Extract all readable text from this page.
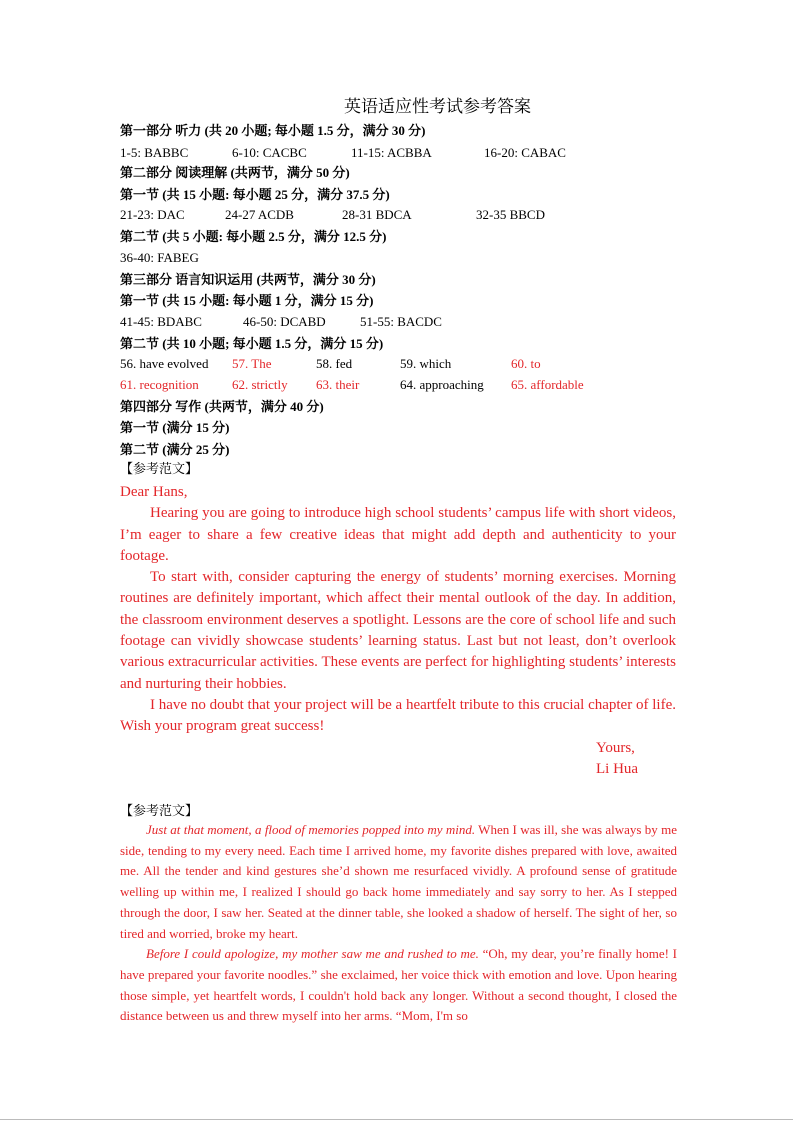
英语适应性考试参考答案
第一部分 听力 (共 20 小题; 每小题 1.5 分，满分 30 分)
1-5: BABBC	6-10: CACBC	11-15: ACBBA	16-20: CABAC
第二部分 阅读理解 (共两节，满分 50 分)
第一节 (共 15 小题: 每小题 25 分，满分 37.5 分)
21-23: DAC	24-27 ACDB	28-31 BDCA	32-35 BBCD
第二节 (共 5 小题: 每小题 2.5 分，满分 12.5 分)
36-40: FABEG
第三部分 语言知识运用 (共两节，满分 30 分)
第一节 (共 15 小题: 每小题 1 分，满分 15 分)
41-45: BDABC	46-50: DCABD	51-55: BACDC
第二节 (共 10 小题; 每小题 1.5 分，满分 15 分)
56. have evolved 57. The	58. fed	59. which	60. to
61. recognition	62. strictly 63. their	64. approaching 65. affordable
第四部分 写作 (共两节，满分 40 分)
第一节 (满分 15 分)
第二节 (满分 25 分)
【参考范文】

Dear Hans,

Hearing you are going to introduce high school students’ campus life with short videos, I’m eager to share a few creative ideas that might add depth and authenticity to your footage.

To start with, consider capturing the energy of students’ morning exercises. Morning routines are definitely important, which affect their mental outlook of the day. In addition, the classroom environment deserves a spotlight. Lessons are the core of school life and such footage can vividly showcase students’ learning status. Last but not least, don’t overlook various extracurricular activities. These events are perfect for highlighting students’ interests and nurturing their hobbies.

I have no doubt that your project will be a heartfelt tribute to this crucial chapter of life. Wish your program great success!

Yours,
Li Hua
【参考范文】

Just at that moment, a flood of memories popped into my mind. When I was ill, she was always by me side, tending to my every need. Each time I arrived home, my favorite dishes prepared with love, awaited me. All the tender and kind gestures she’d shown me resurfaced vividly. A profound sense of gratitude welling up within me, I realized I should go back home immediately and say sorry to her. As I stepped through the door, I saw her. Seated at the dinner table, she looked a shadow of herself. The sight of her, so tired and worried, broke my heart.

Before I could apologize, my mother saw me and rushed to me. “Oh, my dear, you’re finally home! I have prepared your favorite noodles.” she exclaimed, her voice thick with emotion and love. Upon hearing those simple, yet heartfelt words, I couldn't hold back any longer. Without a second thought, I closed the distance between us and threw myself into her arms. “Mom, I'm so
